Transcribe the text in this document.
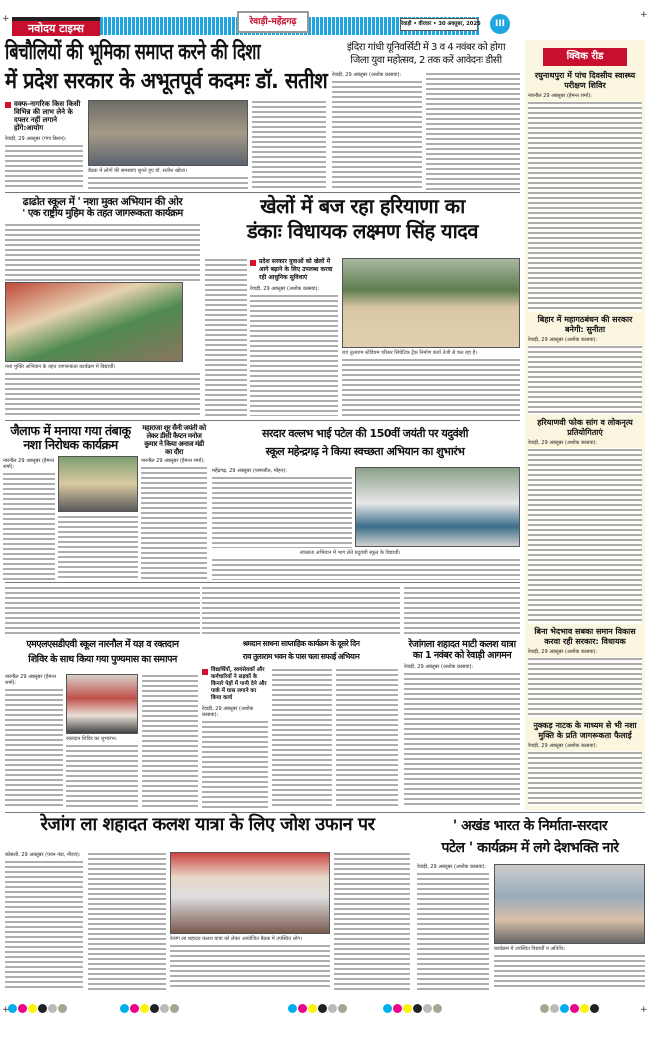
+
नवोदय टाइम्स	रेवाड़ी-महेंद्रगढ़	रेवाड़ी • वीरवार • 30 अक्तूबर, 2025	III
+
बिचौलियों की भूमिका समाप्त करने की दिशा
में प्रदेश सरकार के अभूतपूर्व कदमः डॉ. सतीश
वक्फ-नागरिक किस किसी विभिन्न की लाभ लेने के दफ्तर नहीं लगाने होंगे:आयोग
रेवाड़ी, 29 अक्तूबर (गंगा बिशन):
बैठक में लोगों की समस्याएं सुनते हुए डॉ. सतीश खोला।
इंदिरा गांधी यूनिवर्सिटी में 3 व 4 नवंबर को होगा
जिला युवा महोत्सव, 2 तक करें आवेदनः डीसी
रेवाड़ी, 29 अक्तूबर (अशोक कासवा):
क्विक रीड
रघुनाथपुरा में पांच दिवसीय स्वास्थ्य परीक्षण शिविर
नारनौल 29 अक्तूबर (हेमन्त शर्मा):
बिहार में महागठबंधन की सरकार बनेगी: सुनीता
रेवाड़ी, 29 अक्तूबर (अशोक कासवा):
हरियाणवी फोक सांग व लोकनृत्य प्रतियोगिताएं
रेवाड़ी, 29 अक्तूबर (अशोक कासवा):
बिना भेदभाव सबका समान विकास करवा रही सरकार: विधायक
रेवाड़ी, 29 अक्तूबर (अशोक कासवा):
नुक्कड़ नाटक के माध्यम से भी नशा मुक्ति के प्रति जागरूकता फैलाई
रेवाड़ी, 29 अक्तूबर (अशोक कासवा):
ढाढोत स्कूल में ' नशा मुक्त अभियान की ओर
' एक राष्ट्रीय मुहिम के तहत जागरूकता कार्यक्रम
नशा मुक्ति अभियान के तहत जागरूकता कार्यक्रम में विद्यार्थी।
खेलों में बज रहा हरियाणा का
डंकाः विधायक लक्ष्मण सिंह यादव
प्रदेश सरकार युवाओं को खेलों में आगे बढ़ाने के लिए उपलब्ध करवा रही आधुनिक सुविधाएं
रेवाड़ी, 29 अक्तूबर (अशोक कासवा):
राव तुलाराम स्टेडियम परिसर सिंथेटिक ट्रैक निर्माण कार्य तेजी से चल रहा है।
जैलाफ में मनाया गया तंबाकू
नशा निरोधक कार्यक्रम
नारनौल 29 अक्तूबर (हेमन्त शर्मा):
महाराजा शूर सैनी जयंती को लेकर डीसी कैप्टन मनोज कुमार ने किया अनाज मंडी का दौरा
नारनौल 29 अक्तूबर (हेमन्त शर्मा):
सरदार वल्लभ भाई पटेल की 150वीं जयंती पर यदुवंशी
स्कूल महेन्द्रगढ़ ने किया स्वच्छता अभियान का शुभारंभ
महेंद्रगढ़, 29 अक्तूबर (परमजीत, मोहन):
स्वच्छता अभियान में भाग लेते यदुवंशी स्कूल के विद्यार्थी।
एमएलएसडीएवी स्कूल नारनौल में यज्ञ व रक्तदान
शिविर के साथ किया गया पुण्यमास का समापन
नारनौल 29 अक्तूबर (हेमन्त शर्मा):
रक्तदान शिविर का शुभारंभ।
श्रमदान साधना साप्ताहिक कार्यक्रम के दूसरे दिन
राव तुलाराम भवन के पास चला सफाई अभियान
विद्यार्थियों, स्वयंसेवकों और कर्मचारियों ने सड़कों के किनारे पेड़ों में पानी देने और पार्क में घास लगाने का किया कार्य
रेवाड़ी, 29 अक्तूबर (अशोक कासवा):
रेजांगला शहादत माटी कलश यात्रा का 1 नवंबर को रेवाड़ी आगमन
रेवाड़ी, 29 अक्तूबर (अशोक कासवा):
रेजांग ला शहादत कलश यात्रा के लिए जोश उफान पर
कोसली, 29 अक्तूबर (पवन नंदा, नीरज):
रेजांग ला शहादत कलश यात्रा को लेकर आयोजित बैठक में उपस्थित लोग।
' अखंड भारत के निर्माता-सरदार
पटेल ' कार्यक्रम में लगे देशभक्ति नारे
रेवाड़ी, 29 अक्तूबर (अशोक कासवा):
कार्यक्रम में उपस्थित विद्यार्थी व अतिथि।
+	+
